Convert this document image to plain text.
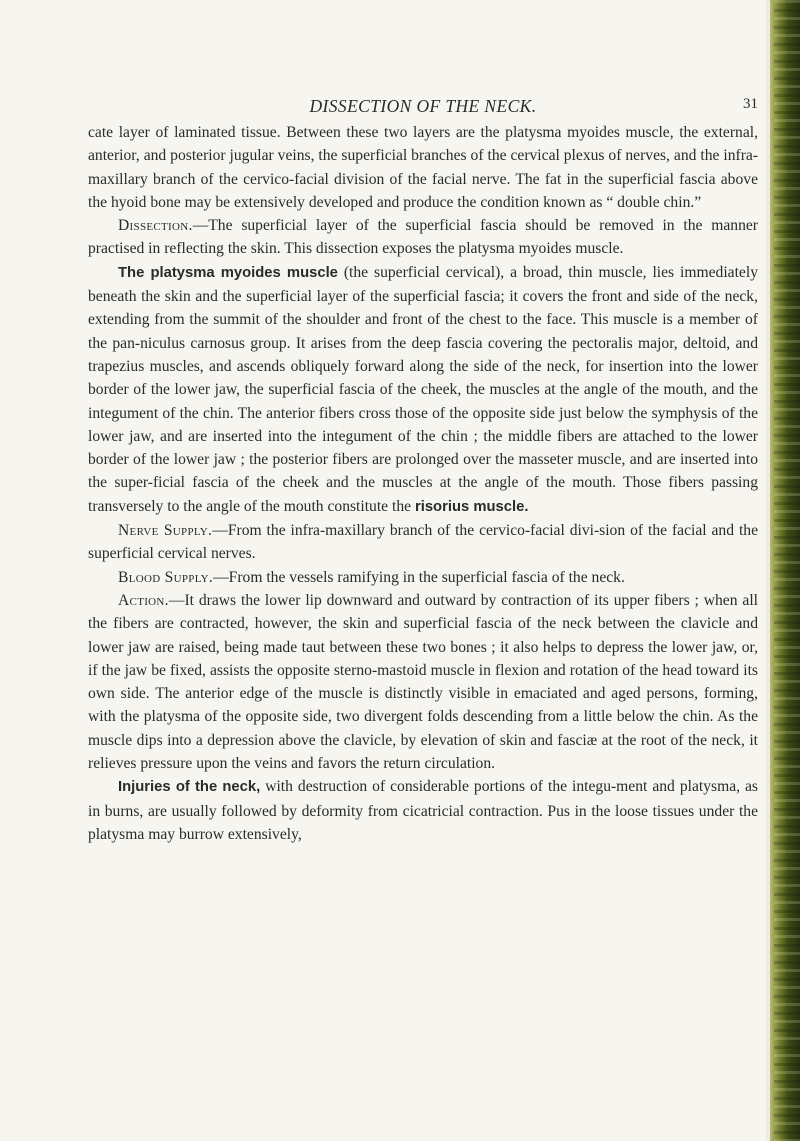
DISSECTION OF THE NECK.	31

cate layer of laminated tissue. Between these two layers are the platysma myoides muscle, the external, anterior, and posterior jugular veins, the superficial branches of the cervical plexus of nerves, and the infra-maxillary branch of the cervico-facial division of the facial nerve. The fat in the superficial fascia above the hyoid bone may be extensively developed and produce the condition known as “ double chin.”

Dissection.—The superficial layer of the superficial fascia should be removed in the manner practised in reflecting the skin. This dissection exposes the platysma myoides muscle.

The platysma myoides muscle (the superficial cervical), a broad, thin muscle, lies immediately beneath the skin and the superficial layer of the superficial fascia; it covers the front and side of the neck, extending from the summit of the shoulder and front of the chest to the face. This muscle is a member of the pan-niculus carnosus group. It arises from the deep fascia covering the pectoralis major, deltoid, and trapezius muscles, and ascends obliquely forward along the side of the neck, for insertion into the lower border of the lower jaw, the superficial fascia of the cheek, the muscles at the angle of the mouth, and the integument of the chin. The anterior fibers cross those of the opposite side just below the symphysis of the lower jaw, and are inserted into the integument of the chin ; the middle fibers are attached to the lower border of the lower jaw ; the posterior fibers are prolonged over the masseter muscle, and are inserted into the super-ficial fascia of the cheek and the muscles at the angle of the mouth. Those fibers passing transversely to the angle of the mouth constitute the risorius muscle.

Nerve Supply.—From the infra-maxillary branch of the cervico-facial divi-sion of the facial and the superficial cervical nerves.

Blood Supply.—From the vessels ramifying in the superficial fascia of the neck.

Action.—It draws the lower lip downward and outward by contraction of its upper fibers ; when all the fibers are contracted, however, the skin and superficial fascia of the neck between the clavicle and lower jaw are raised, being made taut between these two bones ; it also helps to depress the lower jaw, or, if the jaw be fixed, assists the opposite sterno-mastoid muscle in flexion and rotation of the head toward its own side. The anterior edge of the muscle is distinctly visible in emaciated and aged persons, forming, with the platysma of the opposite side, two divergent folds descending from a little below the chin. As the muscle dips into a depression above the clavicle, by elevation of skin and fasciæ at the root of the neck, it relieves pressure upon the veins and favors the return circulation.

Injuries of the neck, with destruction of considerable portions of the integu-ment and platysma, as in burns, are usually followed by deformity from cicatricial contraction. Pus in the loose tissues under the platysma may burrow extensively,
